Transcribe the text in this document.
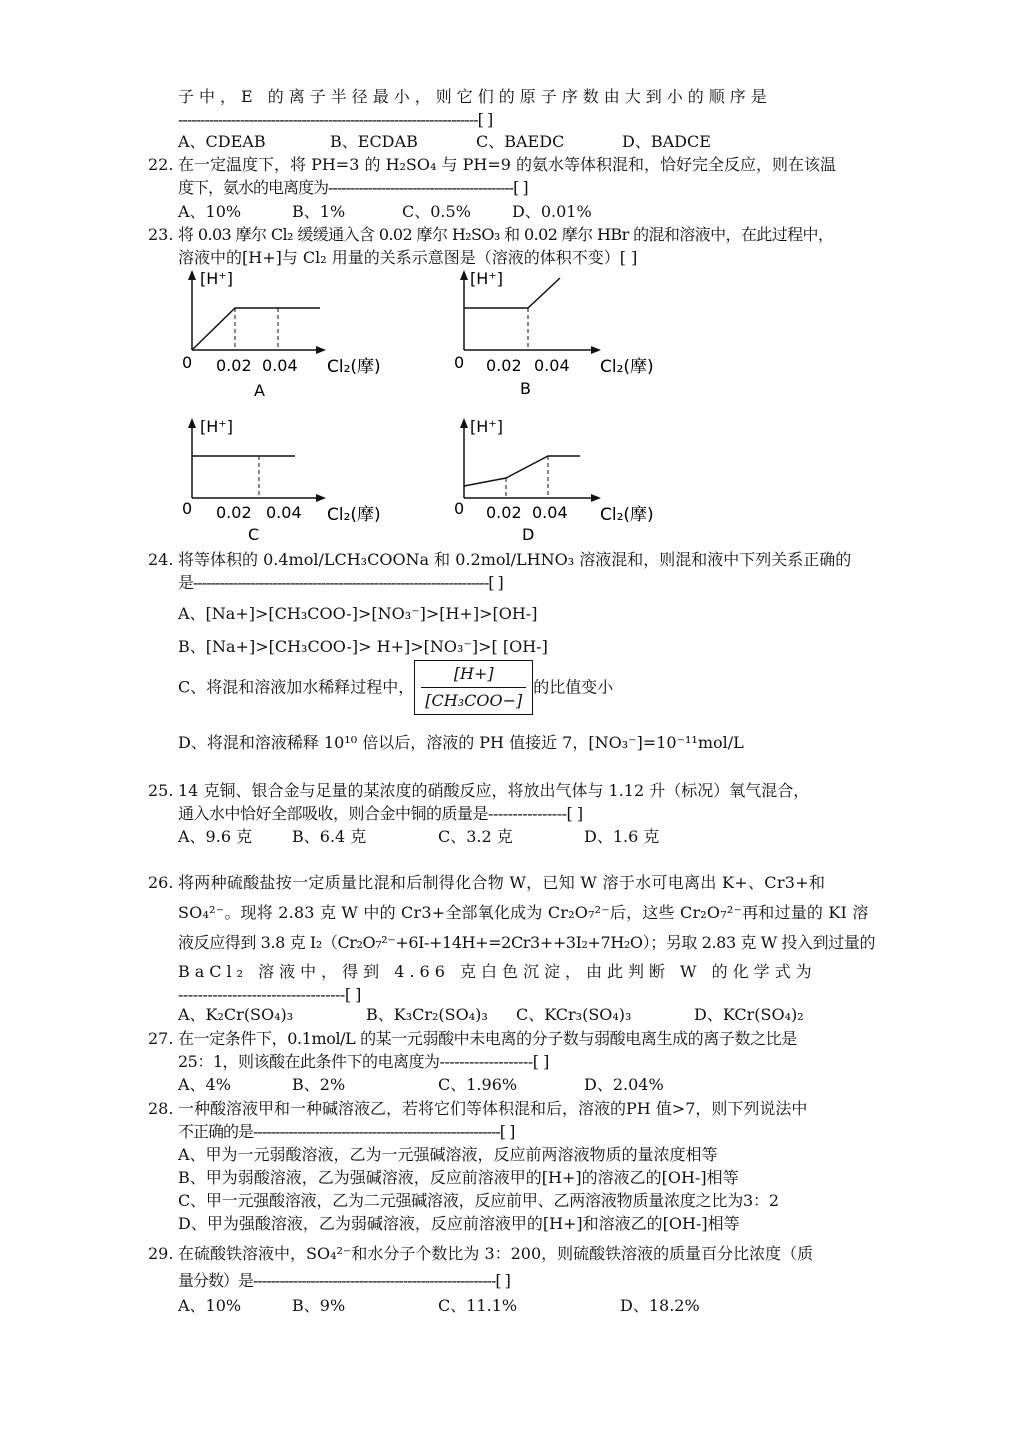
子中，E 的离子半径最小，则它们的原子序数由大到小的顺序是
--------------------------------------------------------------------[ ]
A、CDEAB	B、ECDAB	C、BAEDC	D、BADCE
22. 在一定温度下，将 PH=3 的 H₂SO₄ 与 PH=9 的氨水等体积混和，恰好完全反应，则在该温
度下，氨水的电离度为------------------------------------------[ ]
A、10%	B、1%	C、0.5%	D、0.01%
23. 将 0.03 摩尔 Cl₂ 缓缓通入含 0.02 摩尔 H₂SO₃ 和 0.02 摩尔 HBr 的混和溶液中，在此过程中，
溶液中的[H+]与 Cl₂ 用量的关系示意图是（溶液的体积不变）[ ]
[H⁺]
0 0.02 0.04 Cl₂(摩)
A
[H⁺]
0 0.02 0.04 Cl₂(摩)
B
[H⁺]
0 0.02 0.04 Cl₂(摩)
C
[H⁺]
0 0.02 0.04 Cl₂(摩)
D
24. 将等体积的 0.4mol/LCH₃COONa 和 0.2mol/LHNO₃ 溶液混和，则混和液中下列关系正确的
是-------------------------------------------------------------------[ ]
A、[Na+]>[CH₃COO-]>[NO₃⁻]>[H+]>[OH-]
B、[Na+]>[CH₃COO-]> H+]>[NO₃⁻]>[ [OH-]
C、将混和溶液加水稀释过程中， $\frac{[H+]}{\text{[CH₃COO−]}}$ 的比值变小
D、将混和溶液稀释 10¹⁰ 倍以后，溶液的 PH 值接近 7，[NO₃⁻]=10⁻¹¹mol/L
25. 14 克铜、银合金与足量的某浓度的硝酸反应，将放出气体与 1.12 升（标况）氧气混合，
通入水中恰好全部吸收，则合金中铜的质量是----------------[ ]
A、9.6 克 B、6.4 克	C、3.2 克	D、1.6 克
26. 将两种硫酸盐按一定质量比混和后制得化合物 W，已知 W 溶于水可电离出 K+、Cr3+和
SO₄²⁻。现将 2.83 克 W 中的 Cr3+全部氧化成为 Cr₂O₇²⁻后，这些 Cr₂O₇²⁻再和过量的 KI 溶
液反应得到 3.8 克 I₂（Cr₂O₇²⁻+6I-+14H+=2Cr3++3I₂+7H₂O）；另取 2.83 克 W 投入到过量的
BaCl₂ 溶液中，得到 4.66 克白色沉淀，由此判断 W 的化学式为
----------------------------------[ ]
A、K₂Cr(SO₄)₃	B、K₃Cr₂(SO₄)₃ C、KCr₃(SO₄)₃	D、KCr(SO₄)₂
27. 在一定条件下，0.1mol/L 的某一元弱酸中未电离的分子数与弱酸电离生成的离子数之比是
25：1，则该酸在此条件下的电离度为-------------------[ ]
A、4%	B、2%	C、1.96%	D、2.04%
28. 一种酸溶液甲和一种碱溶液乙，若将它们等体积混和后，溶液的PH 值>7，则下列说法中
不正确的是--------------------------------------------------------[ ]
A、甲为一元弱酸溶液，乙为一元强碱溶液，反应前两溶液物质的量浓度相等
B、甲为弱酸溶液，乙为强碱溶液，反应前溶液甲的[H+]的溶液乙的[OH-]相等
C、甲一元强酸溶液，乙为二元强碱溶液，反应前甲、乙两溶液物质量浓度之比为3：2
D、甲为强酸溶液，乙为弱碱溶液，反应前溶液甲的[H+]和溶液乙的[OH-]相等
29. 在硫酸铁溶液中，SO₄²⁻和水分子个数比为 3：200，则硫酸铁溶液的质量百分比浓度（质
量分数）是-------------------------------------------------------[ ]
A、10%	B、9%	C、11.1%	D、18.2%
